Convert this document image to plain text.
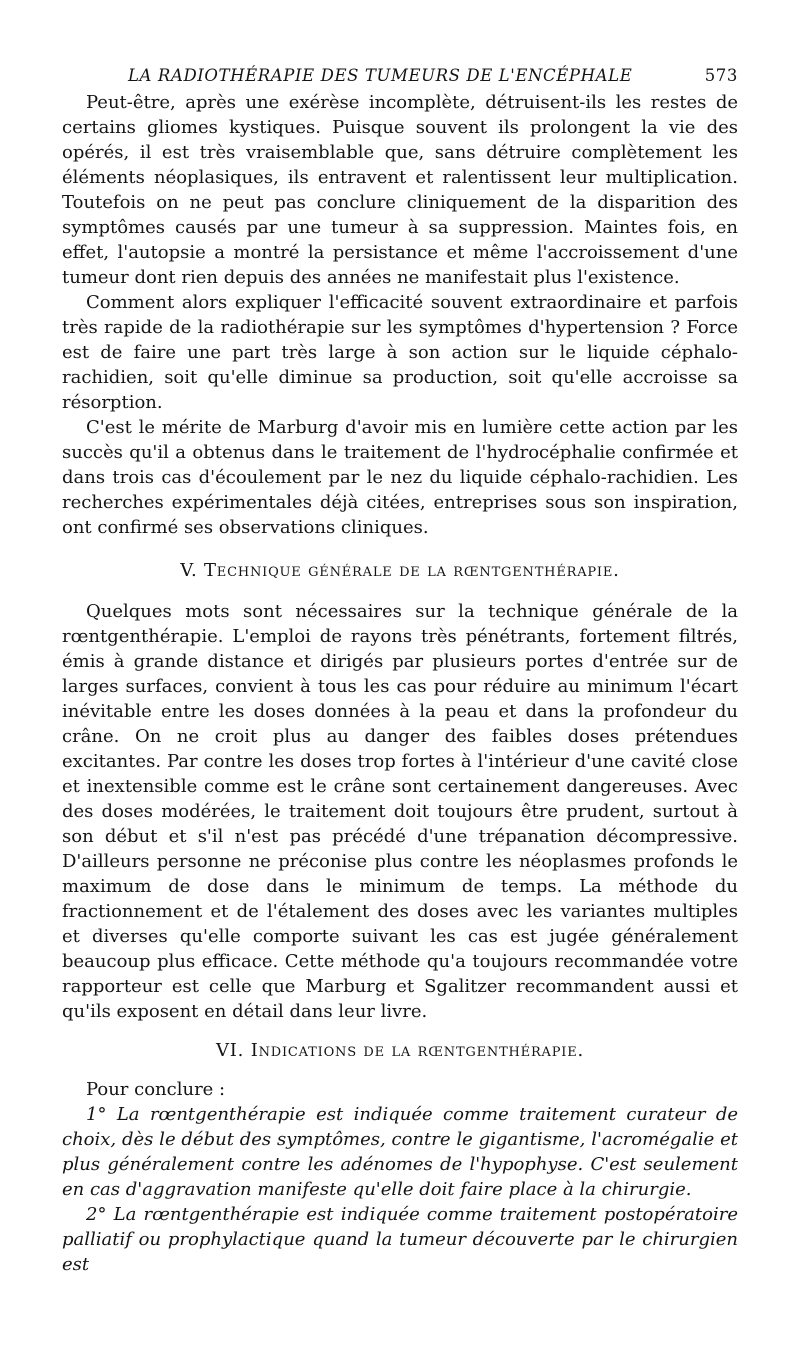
LA RADIOTHÉRAPIE DES TUMEURS DE L'ENCÉPHALE	573

Peut-être, après une exérèse incomplète, détruisent-ils les restes de certains gliomes kystiques. Puisque souvent ils prolongent la vie des opérés, il est très vraisemblable que, sans détruire complètement les éléments néoplasiques, ils entravent et ralentissent leur multiplication. Toutefois on ne peut pas conclure cliniquement de la disparition des symptômes causés par une tumeur à sa suppression. Maintes fois, en effet, l'autopsie a montré la persistance et même l'accroissement d'une tumeur dont rien depuis des années ne manifestait plus l'existence.

Comment alors expliquer l'efficacité souvent extraordinaire et parfois très rapide de la radiothérapie sur les symptômes d'hypertension ? Force est de faire une part très large à son action sur le liquide céphalo-rachidien, soit qu'elle diminue sa production, soit qu'elle accroisse sa résorption.

C'est le mérite de Marburg d'avoir mis en lumière cette action par les succès qu'il a obtenus dans le traitement de l'hydrocéphalie confirmée et dans trois cas d'écoulement par le nez du liquide céphalo-rachidien. Les recherches expérimentales déjà citées, entreprises sous son inspiration, ont confirmé ses observations cliniques.

V. Technique générale de la rœntgenthérapie.

Quelques mots sont nécessaires sur la technique générale de la rœntgenthérapie. L'emploi de rayons très pénétrants, fortement filtrés, émis à grande distance et dirigés par plusieurs portes d'entrée sur de larges surfaces, convient à tous les cas pour réduire au minimum l'écart inévitable entre les doses données à la peau et dans la profondeur du crâne. On ne croit plus au danger des faibles doses prétendues excitantes. Par contre les doses trop fortes à l'intérieur d'une cavité close et inextensible comme est le crâne sont certainement dangereuses. Avec des doses modérées, le traitement doit toujours être prudent, surtout à son début et s'il n'est pas précédé d'une trépanation décompressive. D'ailleurs personne ne préconise plus contre les néoplasmes profonds le maximum de dose dans le minimum de temps. La méthode du fractionnement et de l'étalement des doses avec les variantes multiples et diverses qu'elle comporte suivant les cas est jugée généralement beaucoup plus efficace. Cette méthode qu'a toujours recommandée votre rapporteur est celle que Marburg et Sgalitzer recommandent aussi et qu'ils exposent en détail dans leur livre.

VI. Indications de la rœntgenthérapie.

Pour conclure :

1° La rœntgenthérapie est indiquée comme traitement curateur de choix, dès le début des symptômes, contre le gigantisme, l'acromégalie et plus généralement contre les adénomes de l'hypophyse. C'est seulement en cas d'aggravation manifeste qu'elle doit faire place à la chirurgie.

2° La rœntgenthérapie est indiquée comme traitement postopératoire palliatif ou prophylactique quand la tumeur découverte par le chirurgien est
